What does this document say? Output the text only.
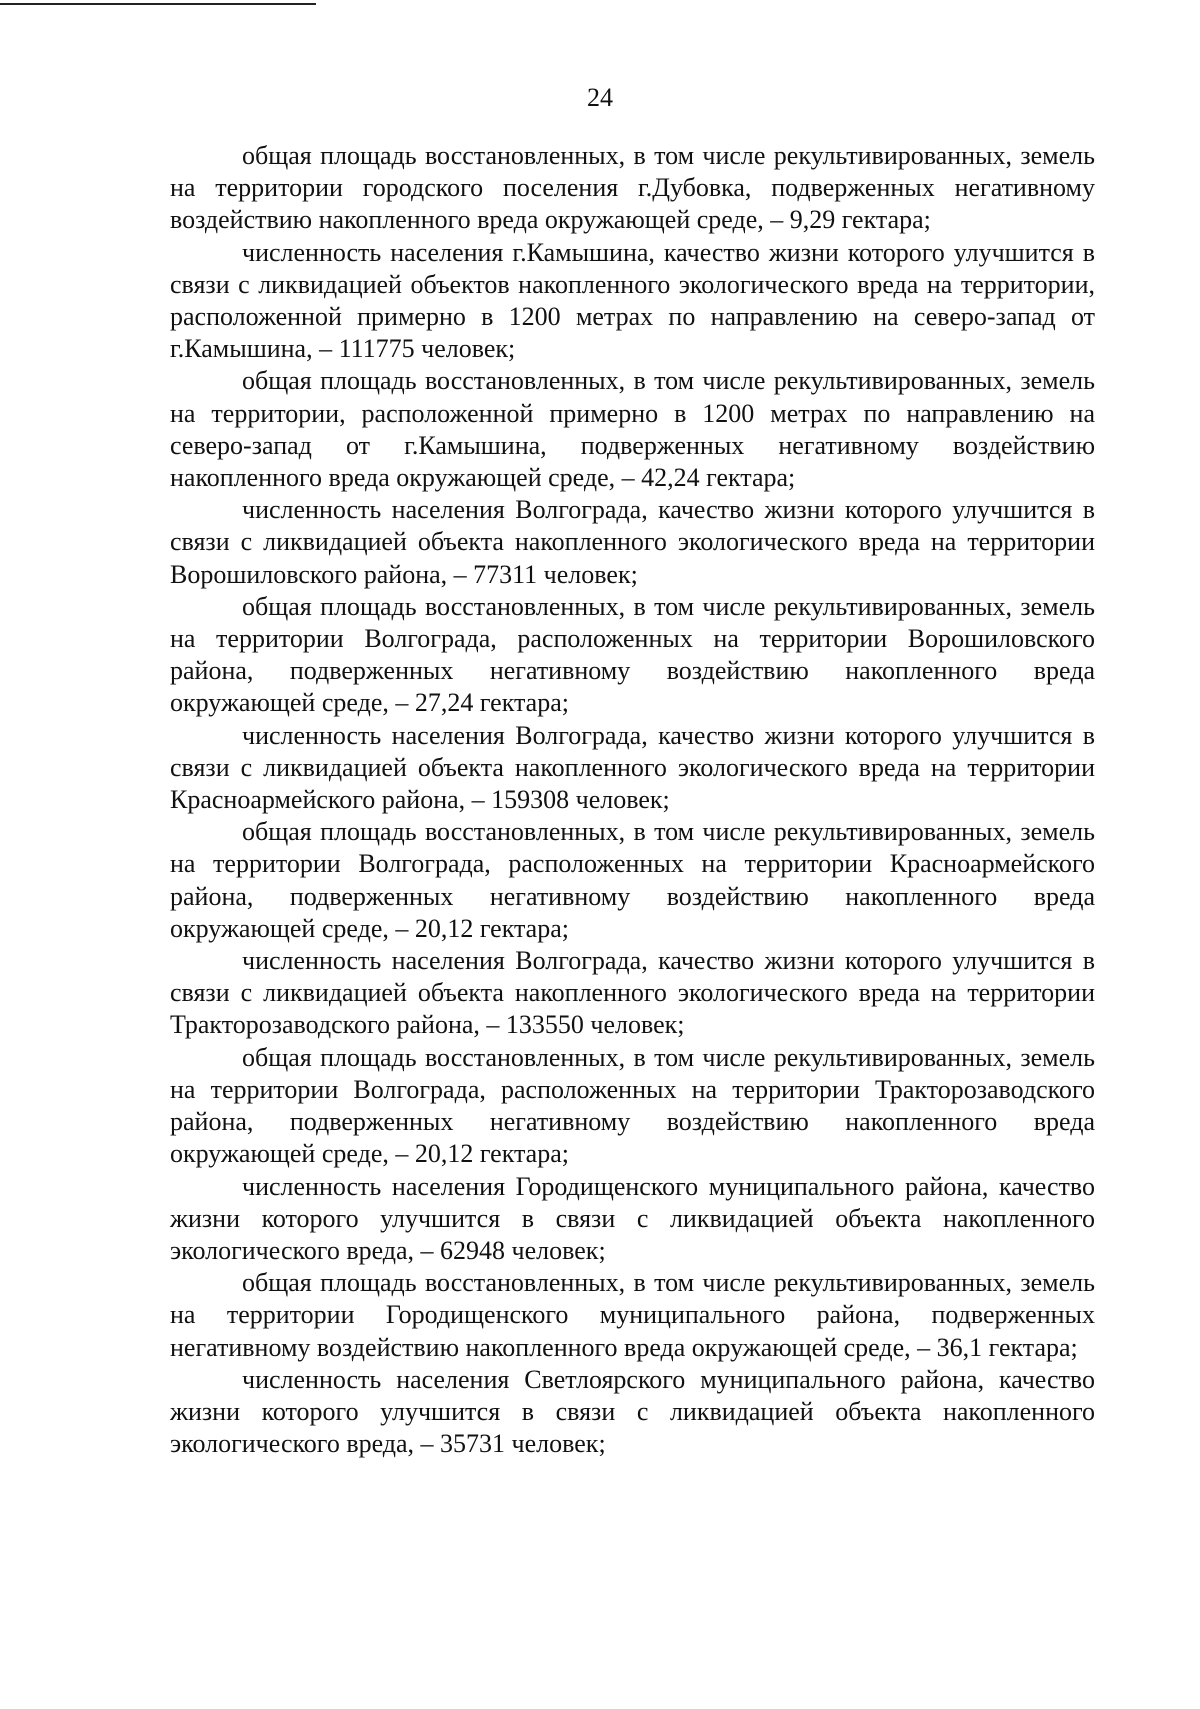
24

общая площадь восстановленных, в том числе рекультивированных, земель на территории городского поселения г.Дубовка, подверженных негативному воздействию накопленного вреда окружающей среде, – 9,29 гектара;

численность населения г.Камышина, качество жизни которого улучшится в связи с ликвидацией объектов накопленного экологического вреда на территории, расположенной примерно в 1200 метрах по направлению на северо-запад от г.Камышина, – 111775 человек;

общая площадь восстановленных, в том числе рекультивированных, земель на территории, расположенной примерно в 1200 метрах по направлению на северо-запад от г.Камышина, подверженных негативному воздействию накопленного вреда окружающей среде, – 42,24 гектара;

численность населения Волгограда, качество жизни которого улучшится в связи с ликвидацией объекта накопленного экологического вреда на территории Ворошиловского района, – 77311 человек;

общая площадь восстановленных, в том числе рекультивированных, земель на территории Волгограда, расположенных на территории Ворошиловского района, подверженных негативному воздействию накопленного вреда окружающей среде, – 27,24 гектара;

численность населения Волгограда, качество жизни которого улучшится в связи с ликвидацией объекта накопленного экологического вреда на территории Красноармейского района, – 159308 человек;

общая площадь восстановленных, в том числе рекультивированных, земель на территории Волгограда, расположенных на территории Красноармейского района, подверженных негативному воздействию накопленного вреда окружающей среде, – 20,12 гектара;

численность населения Волгограда, качество жизни которого улучшится в связи с ликвидацией объекта накопленного экологического вреда на территории Тракторозаводского района, – 133550 человек;

общая площадь восстановленных, в том числе рекультивированных, земель на территории Волгограда, расположенных на территории Тракторозаводского района, подверженных негативному воздействию накопленного вреда окружающей среде, – 20,12 гектара;

численность населения Городищенского муниципального района, качество жизни которого улучшится в связи с ликвидацией объекта накопленного экологического вреда, – 62948 человек;

общая площадь восстановленных, в том числе рекультивированных, земель на территории Городищенского муниципального района, подверженных негативному воздействию накопленного вреда окружающей среде, – 36,1 гектара;

численность населения Светлоярского муниципального района, качество жизни которого улучшится в связи с ликвидацией объекта накопленного экологического вреда, – 35731 человек;
